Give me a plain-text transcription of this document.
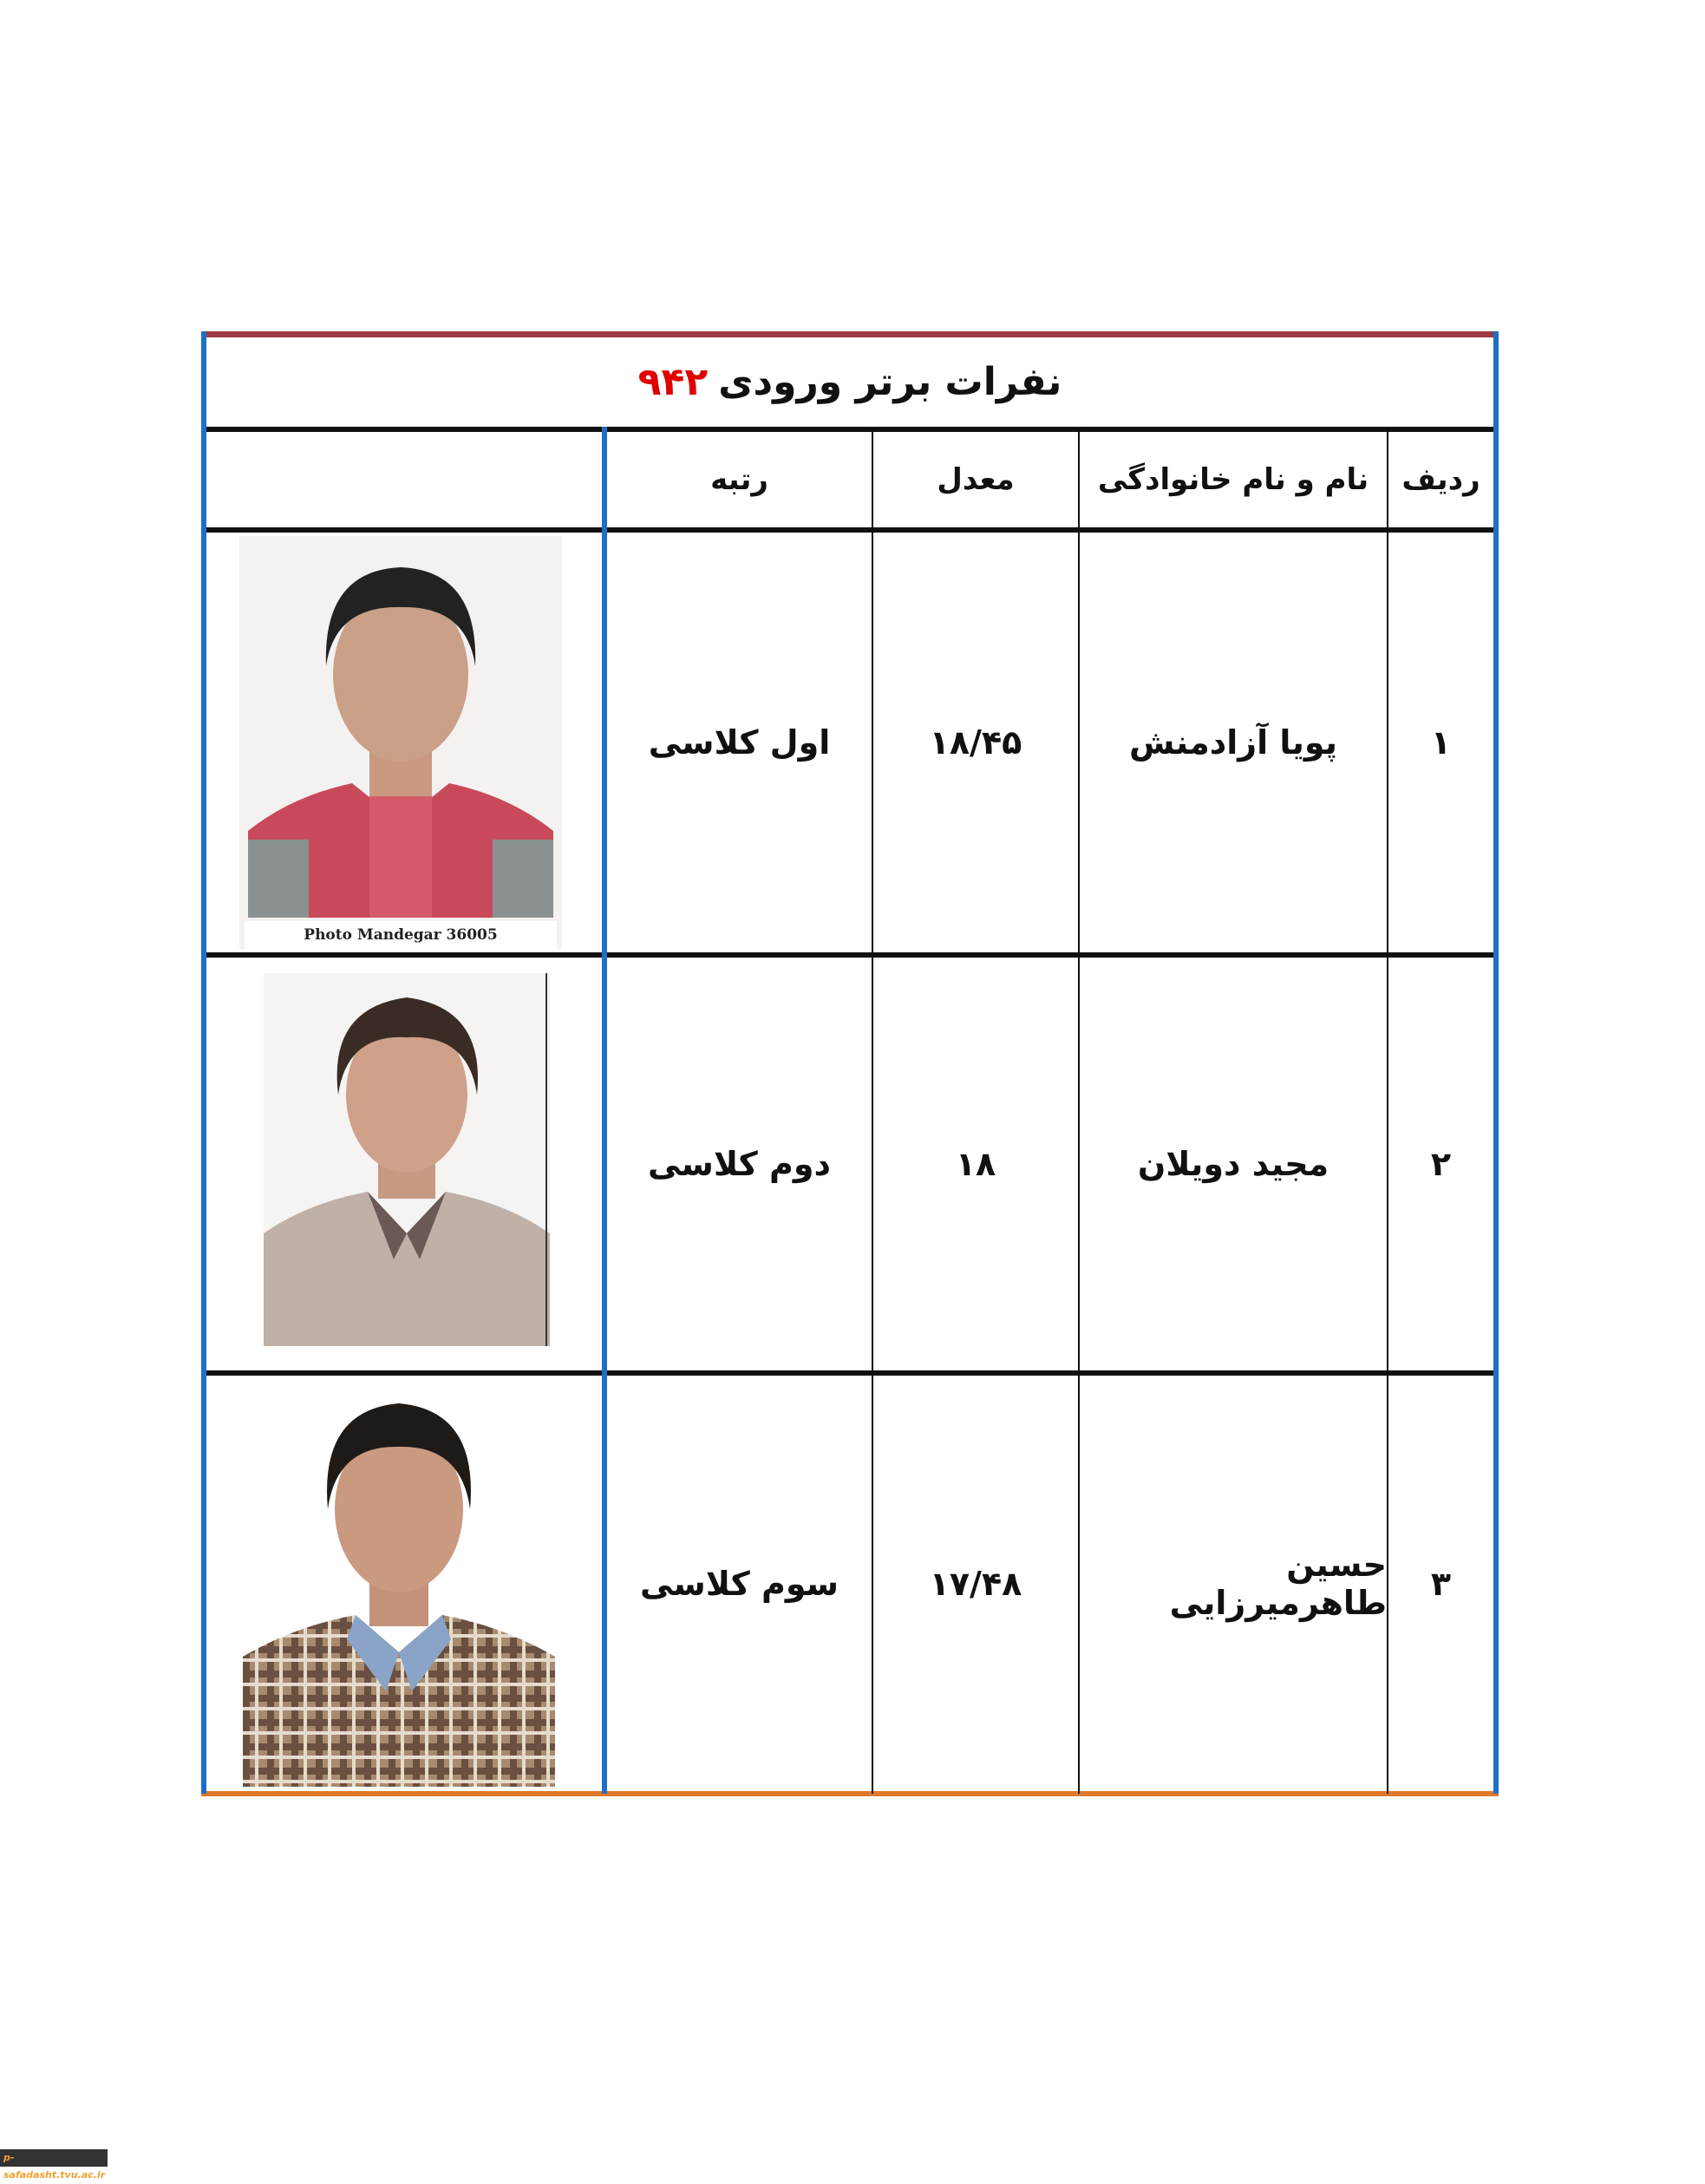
نفرات برتر ورودی
۹۴۲
ردیف
نام و نام خانوادگی
معدل
رتبه
۱
پویا آزادمنش
۱۸/۴۵
اول کلاسی
Photo Mandegar 36005
۲
مجید دویلان
۱۸
دوم کلاسی
۳
حسین طاهرمیرزایی
۱۷/۴۸
سوم کلاسی
p-safadasht.tvu.ac.ir
